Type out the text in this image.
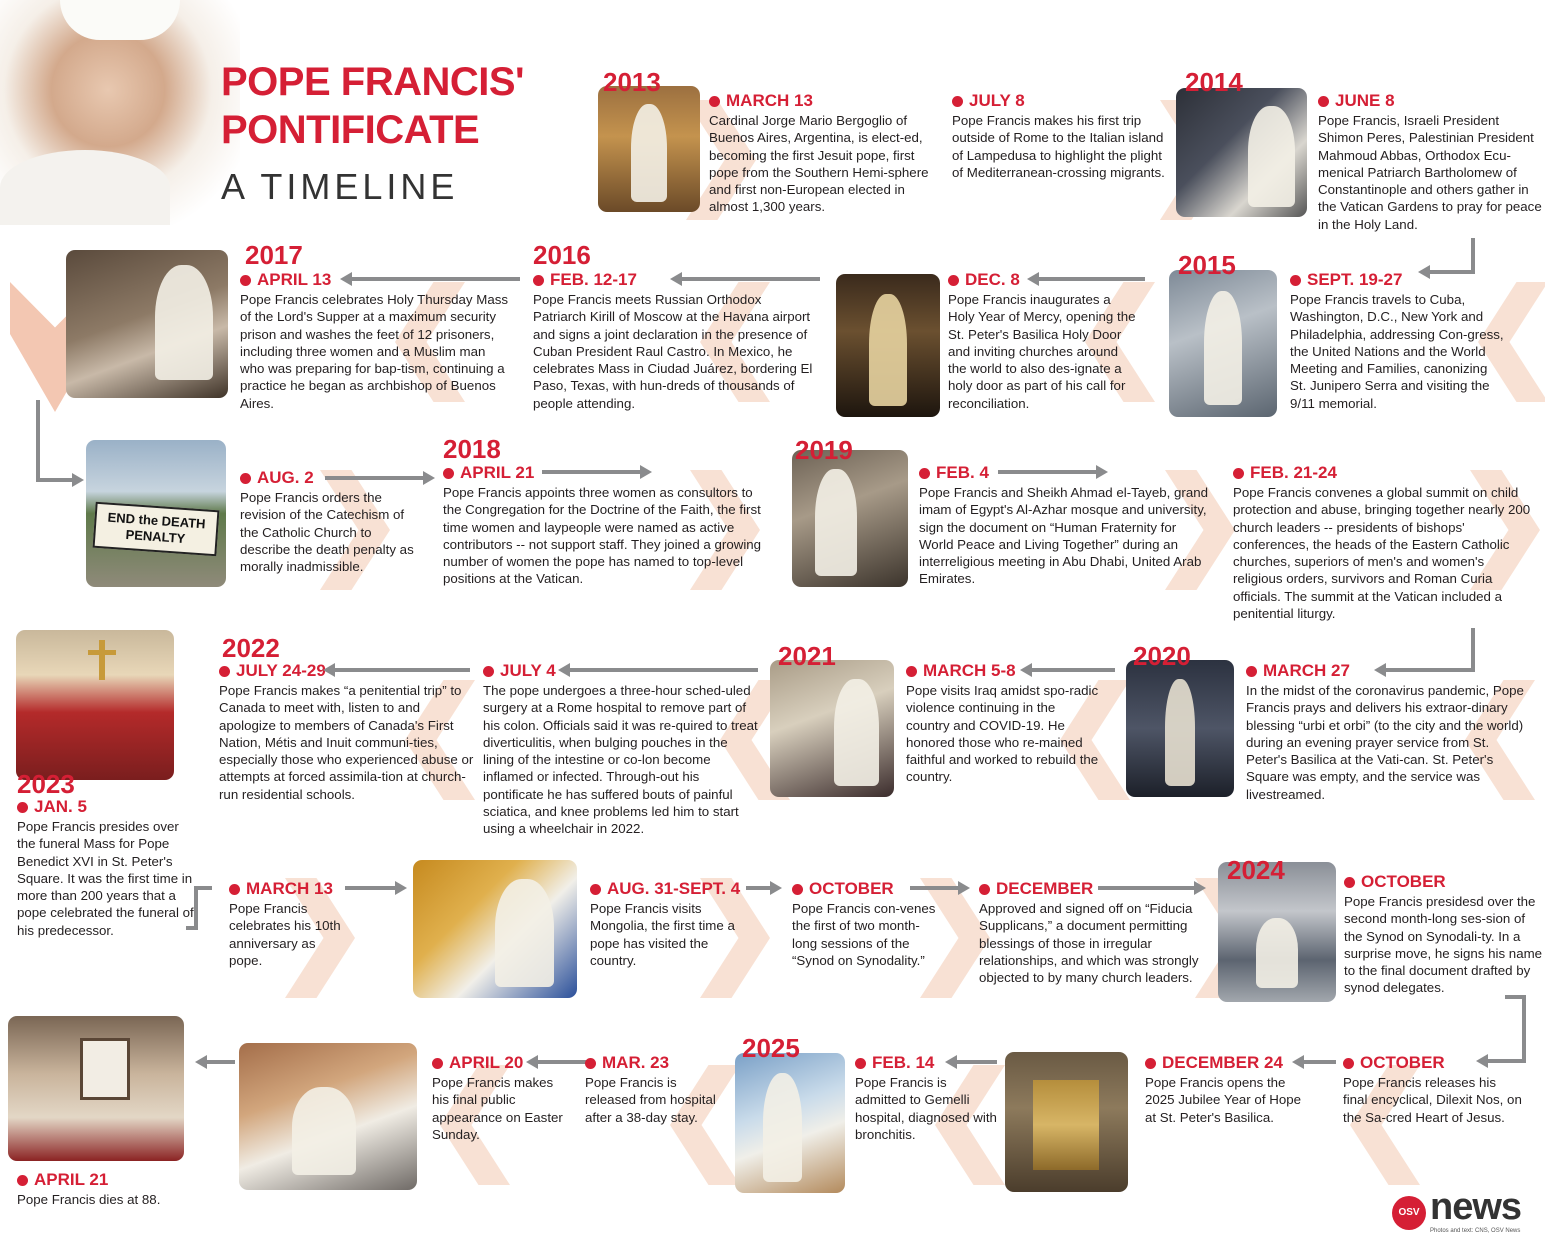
POPE FRANCIS'
PONTIFICATE
A TIMELINE
2013
MARCH 13
Cardinal Jorge Mario Bergoglio of Buenos Aires, Argentina, is elect-ed, becoming the first Jesuit pope, first pope from the Southern Hemi-sphere and first non-European elected in almost 1,300 years.
JULY 8
Pope Francis makes his first trip outside of Rome to the Italian island of Lampedusa to highlight the plight of Mediterranean-crossing migrants.
2014
JUNE 8
Pope Francis, Israeli President Shimon Peres, Palestinian President Mahmoud Abbas, Orthodox Ecu-menical Patriarch Bartholomew of Constantinople and others gather in the Vatican Gardens to pray for peace in the Holy Land.
2017
APRIL 13
Pope Francis celebrates Holy Thursday Mass of the Lord's Supper at a maximum security prison and washes the feet of 12 prisoners, including three women and a Muslim man who was preparing for bap-tism, continuing a practice he began as archbishop of Buenos Aires.
2016
FEB. 12-17
Pope Francis meets Russian Orthodox Patriarch Kirill of Moscow at the Havana airport and signs a joint declaration in the presence of Cuban President Raul Castro. In Mexico, he celebrates Mass in Ciudad Juárez, bordering El Paso, Texas, with hun-dreds of thousands of people attending.
DEC. 8
Pope Francis inaugurates a Holy Year of Mercy, opening the St. Peter's Basilica Holy Door and inviting churches around the world to also des-ignate a holy door as part of his call for reconciliation.
2015	SEPT. 19-27
Pope Francis travels to Cuba, Washington, D.C., New York and Philadelphia, addressing Con-gress, the United Nations and the World Meeting and Families, canonizing St. Junipero Serra and visiting the 9/11 memorial.
END the DEATH
PENALTY
AUG. 2
Pope Francis orders the revision of the Catechism of the Catholic Church to describe the death penalty as morally inadmissible.
2018
APRIL 21
Pope Francis appoints three women as consultors to the Congregation for the Doctrine of the Faith, the first time women and laypeople were named as active contributors -- not support staff. They joined a growing number of women the pope has named to top-level positions at the Vatican.
2019
FEB. 4
Pope Francis and Sheikh Ahmad el-Tayeb, grand imam of Egypt's Al-Azhar mosque and university, sign the document on “Human Fraternity for World Peace and Living Together” during an interreligious meeting in Abu Dhabi, United Arab Emirates.
FEB. 21-24
Pope Francis convenes a global summit on child protection and abuse, bringing together nearly 200 church leaders -- presidents of bishops' conferences, the heads of the Eastern Catholic churches, superiors of men's and women's religious orders, survivors and Roman Curia officials. The summit at the Vatican included a penitential liturgy.
2022
JULY 24-29
Pope Francis makes “a penitential trip” to Canada to meet with, listen to and apologize to members of Canada's First Nation, Métis and Inuit communi-ties, especially those who experienced abuse or attempts at forced assimila-tion at church-run residential schools.
JULY 4
The pope undergoes a three-hour sched-uled surgery at a Rome hospital to remove part of his colon. Officials said it was re-quired to treat diverticulitis, when bulging pouches in the lining of the intestine or co-lon become inflamed or infected. Through-out his pontificate he has suffered bouts of painful sciatica, and knee problems led him to start using a wheelchair in 2022.
2021	MARCH 5-8
Pope visits Iraq amidst spo-radic violence continuing in the country and COVID-19. He honored those who re-mained faithful and worked to rebuild the country.
2020	MARCH 27
In the midst of the coronavirus pandemic, Pope Francis prays and delivers his extraor-dinary blessing “urbi et orbi” (to the city and the world) during an evening prayer service from St. Peter's Basilica at the Vati-can. St. Peter's Square was empty, and the service was livestreamed.
2023
JAN. 5
Pope Francis presides over the funeral Mass for Pope Benedict XVI in St. Peter's Square. It was the first time in more than 200 years that a pope celebrated the funeral of his predecessor.
MARCH 13
Pope Francis celebrates his 10th anniversary as pope.
AUG. 31-SEPT. 4
Pope Francis visits Mongolia, the first time a pope has visited the country.
OCTOBER
Pope Francis con-venes the first of two month-long sessions of the “Synod on Synodality.”
DECEMBER
Approved and signed off on “Fiducia Supplicans,” a document permitting blessings of those in irregular relationships, and which was strongly objected to by many church leaders.
2024	OCTOBER
Pope Francis presidesd over the second month-long ses-sion of the Synod on Synodali-ty. In a surprise move, he signs his name to the final document drafted by synod delegates.
APRIL 20
Pope Francis makes his final public appearance on Easter Sunday.
MAR. 23
Pope Francis is released from hospital after a 38-day stay.
2025	FEB. 14
Pope Francis is admitted to Gemelli hospital, diagnosed with bronchitis.
DECEMBER 24
Pope Francis opens the 2025 Jubilee Year of Hope at St. Peter's Basilica.
OCTOBER
Pope Francis releases his final encyclical, Dilexit Nos, on the Sa-cred Heart of Jesus.
APRIL 21
Pope Francis dies at 88.
OSV news
Photos and text: CNS, OSV News
